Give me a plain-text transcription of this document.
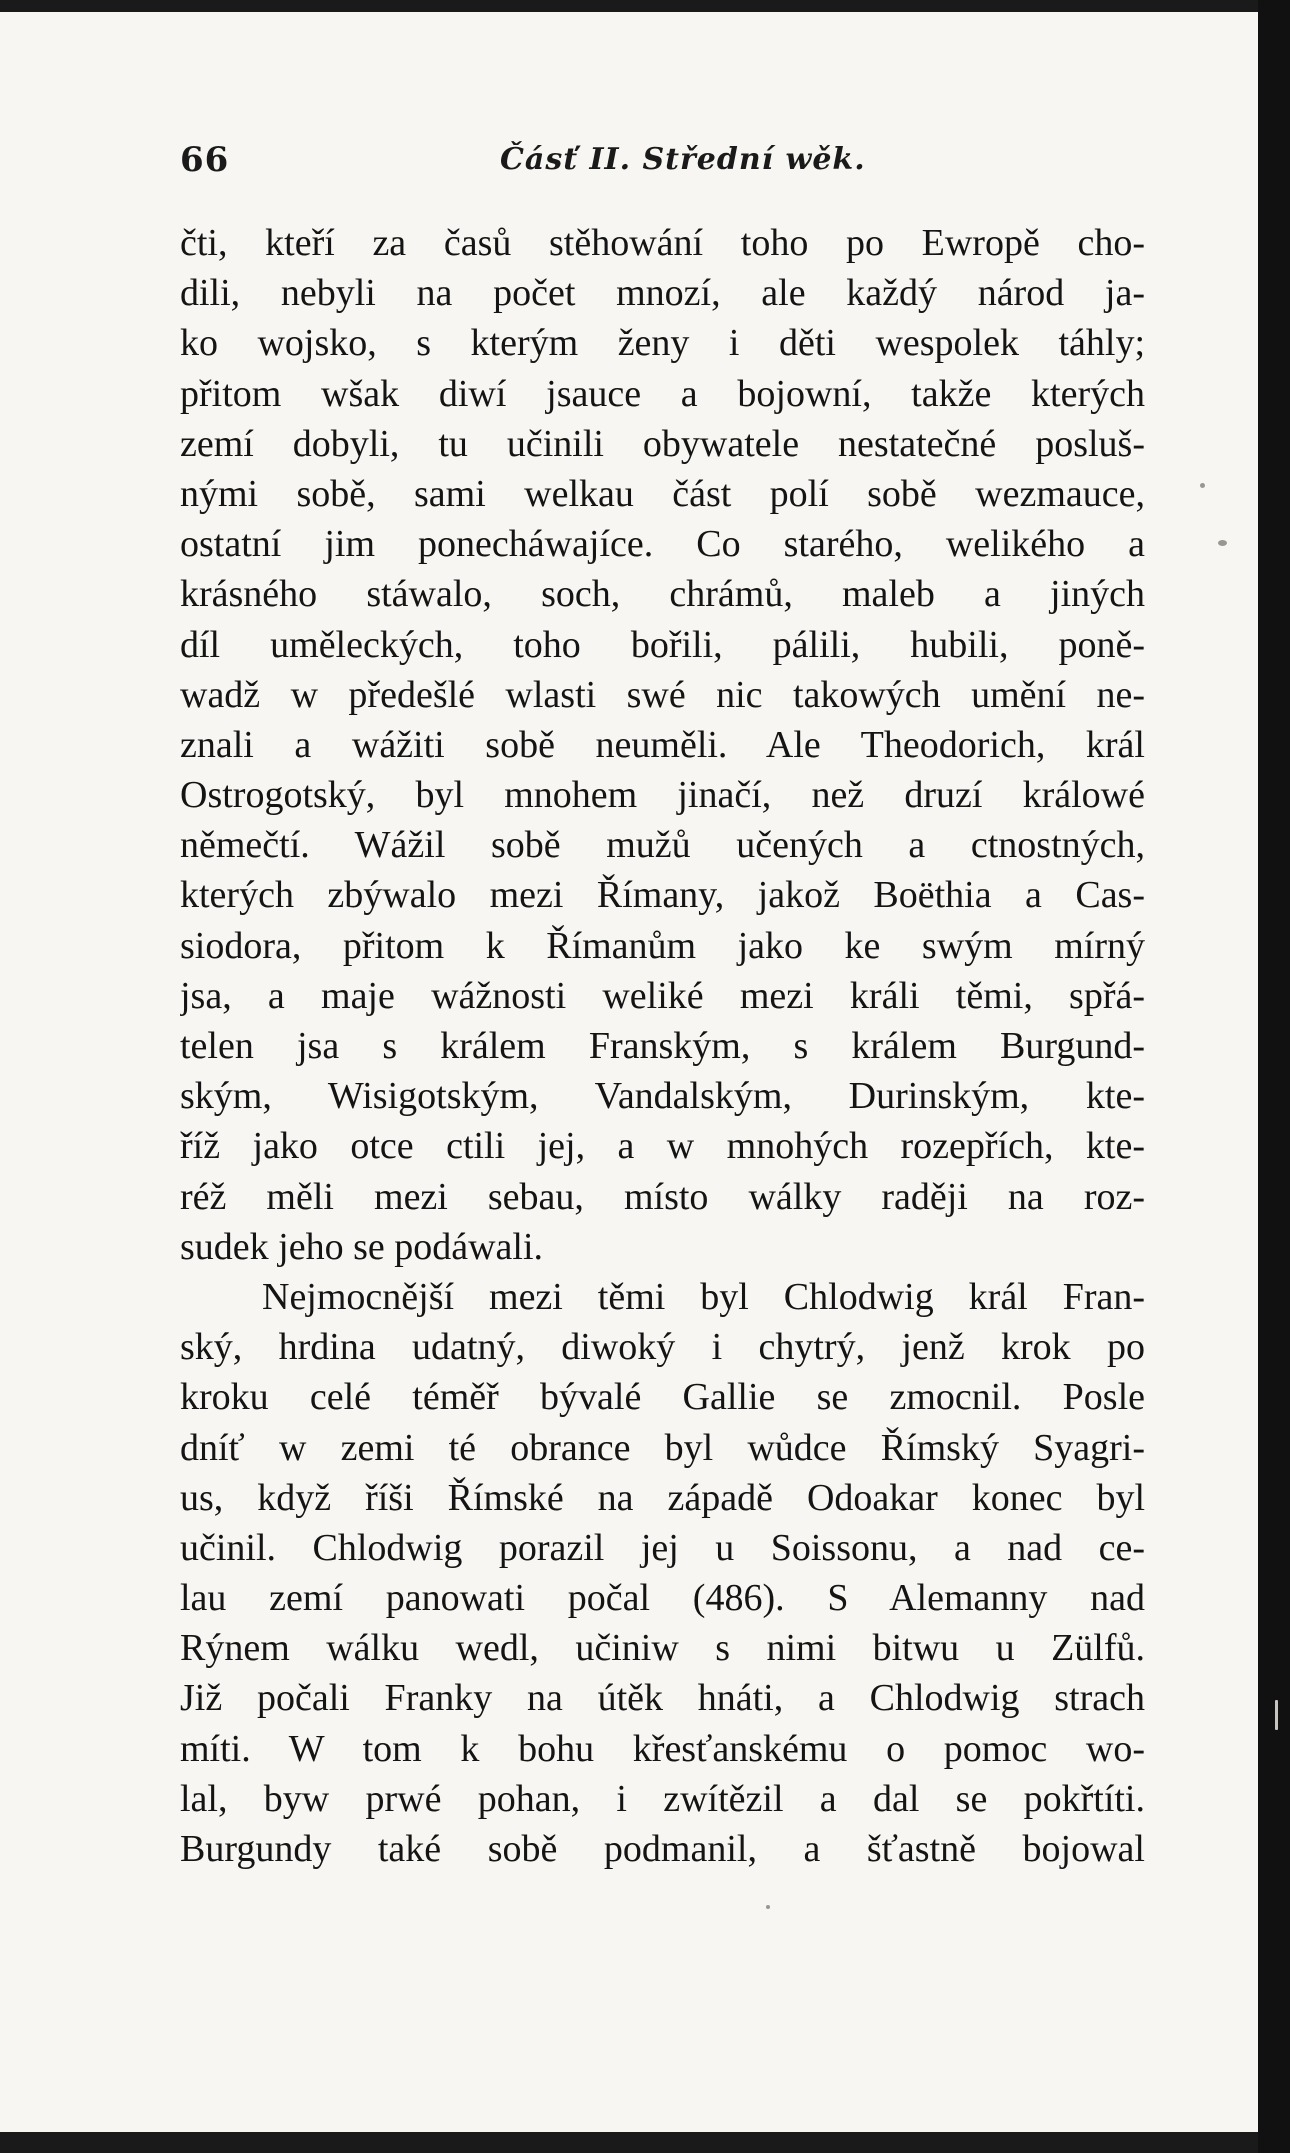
66	Čásť II. Střední wěk.
čti, kteří za časů stěhowání toho po Ewropě cho-
dili, nebyli na počet mnozí, ale každý národ ja-
ko wojsko, s kterým ženy i děti wespolek táhly;
přitom wšak diwí jsauce a bojowní, takže kterých
zemí dobyli, tu učinili obywatele nestatečné posluš-
nými sobě, sami welkau část polí sobě wezmauce,
ostatní jim ponecháwajíce. Co starého, welikého a
krásného stáwalo, soch, chrámů, maleb a jiných
díl uměleckých, toho bořili, pálili, hubili, poně-
wadž w předešlé wlasti swé nic takowých umění ne-
znali a wážiti sobě neuměli. Ale Theodorich, král
Ostrogotský, byl mnohem jinačí, než druzí králowé
němečtí. Wážil sobě mužů učených a ctnostných,
kterých zbýwalo mezi Římany, jakož Boëthia a Cas-
siodora, přitom k Římanům jako ke swým mírný
jsa, a maje wážnosti weliké mezi králi těmi, spřá-
telen jsa s králem Franským, s králem Burgund-
ským, Wisigotským, Vandalským, Durinským, kte-
říž jako otce ctili jej, a w mnohých rozepřích, kte-
réž měli mezi sebau, místo wálky raději na roz-
sudek jeho se podáwali.
Nejmocnější mezi těmi byl Chlodwig král Fran-
ský, hrdina udatný, diwoký i chytrý, jenž krok po
kroku celé téměř bývalé Gallie se zmocnil. Posle
dníť w zemi té obrance byl wůdce Římský Syagri-
us, když říši Římské na západě Odoakar konec byl
učinil. Chlodwig porazil jej u Soissonu, a nad ce-
lau zemí panowati počal (486). S Alemanny nad
Rýnem wálku wedl, učiniw s nimi bitwu u Zülfů.
Již počali Franky na útěk hnáti, a Chlodwig strach
míti. W tom k bohu křesťanskému o pomoc wo-
lal, byw prwé pohan, i zwítězil a dal se pokřtíti.
Burgundy také sobě podmanil, a šťastně bojowal
